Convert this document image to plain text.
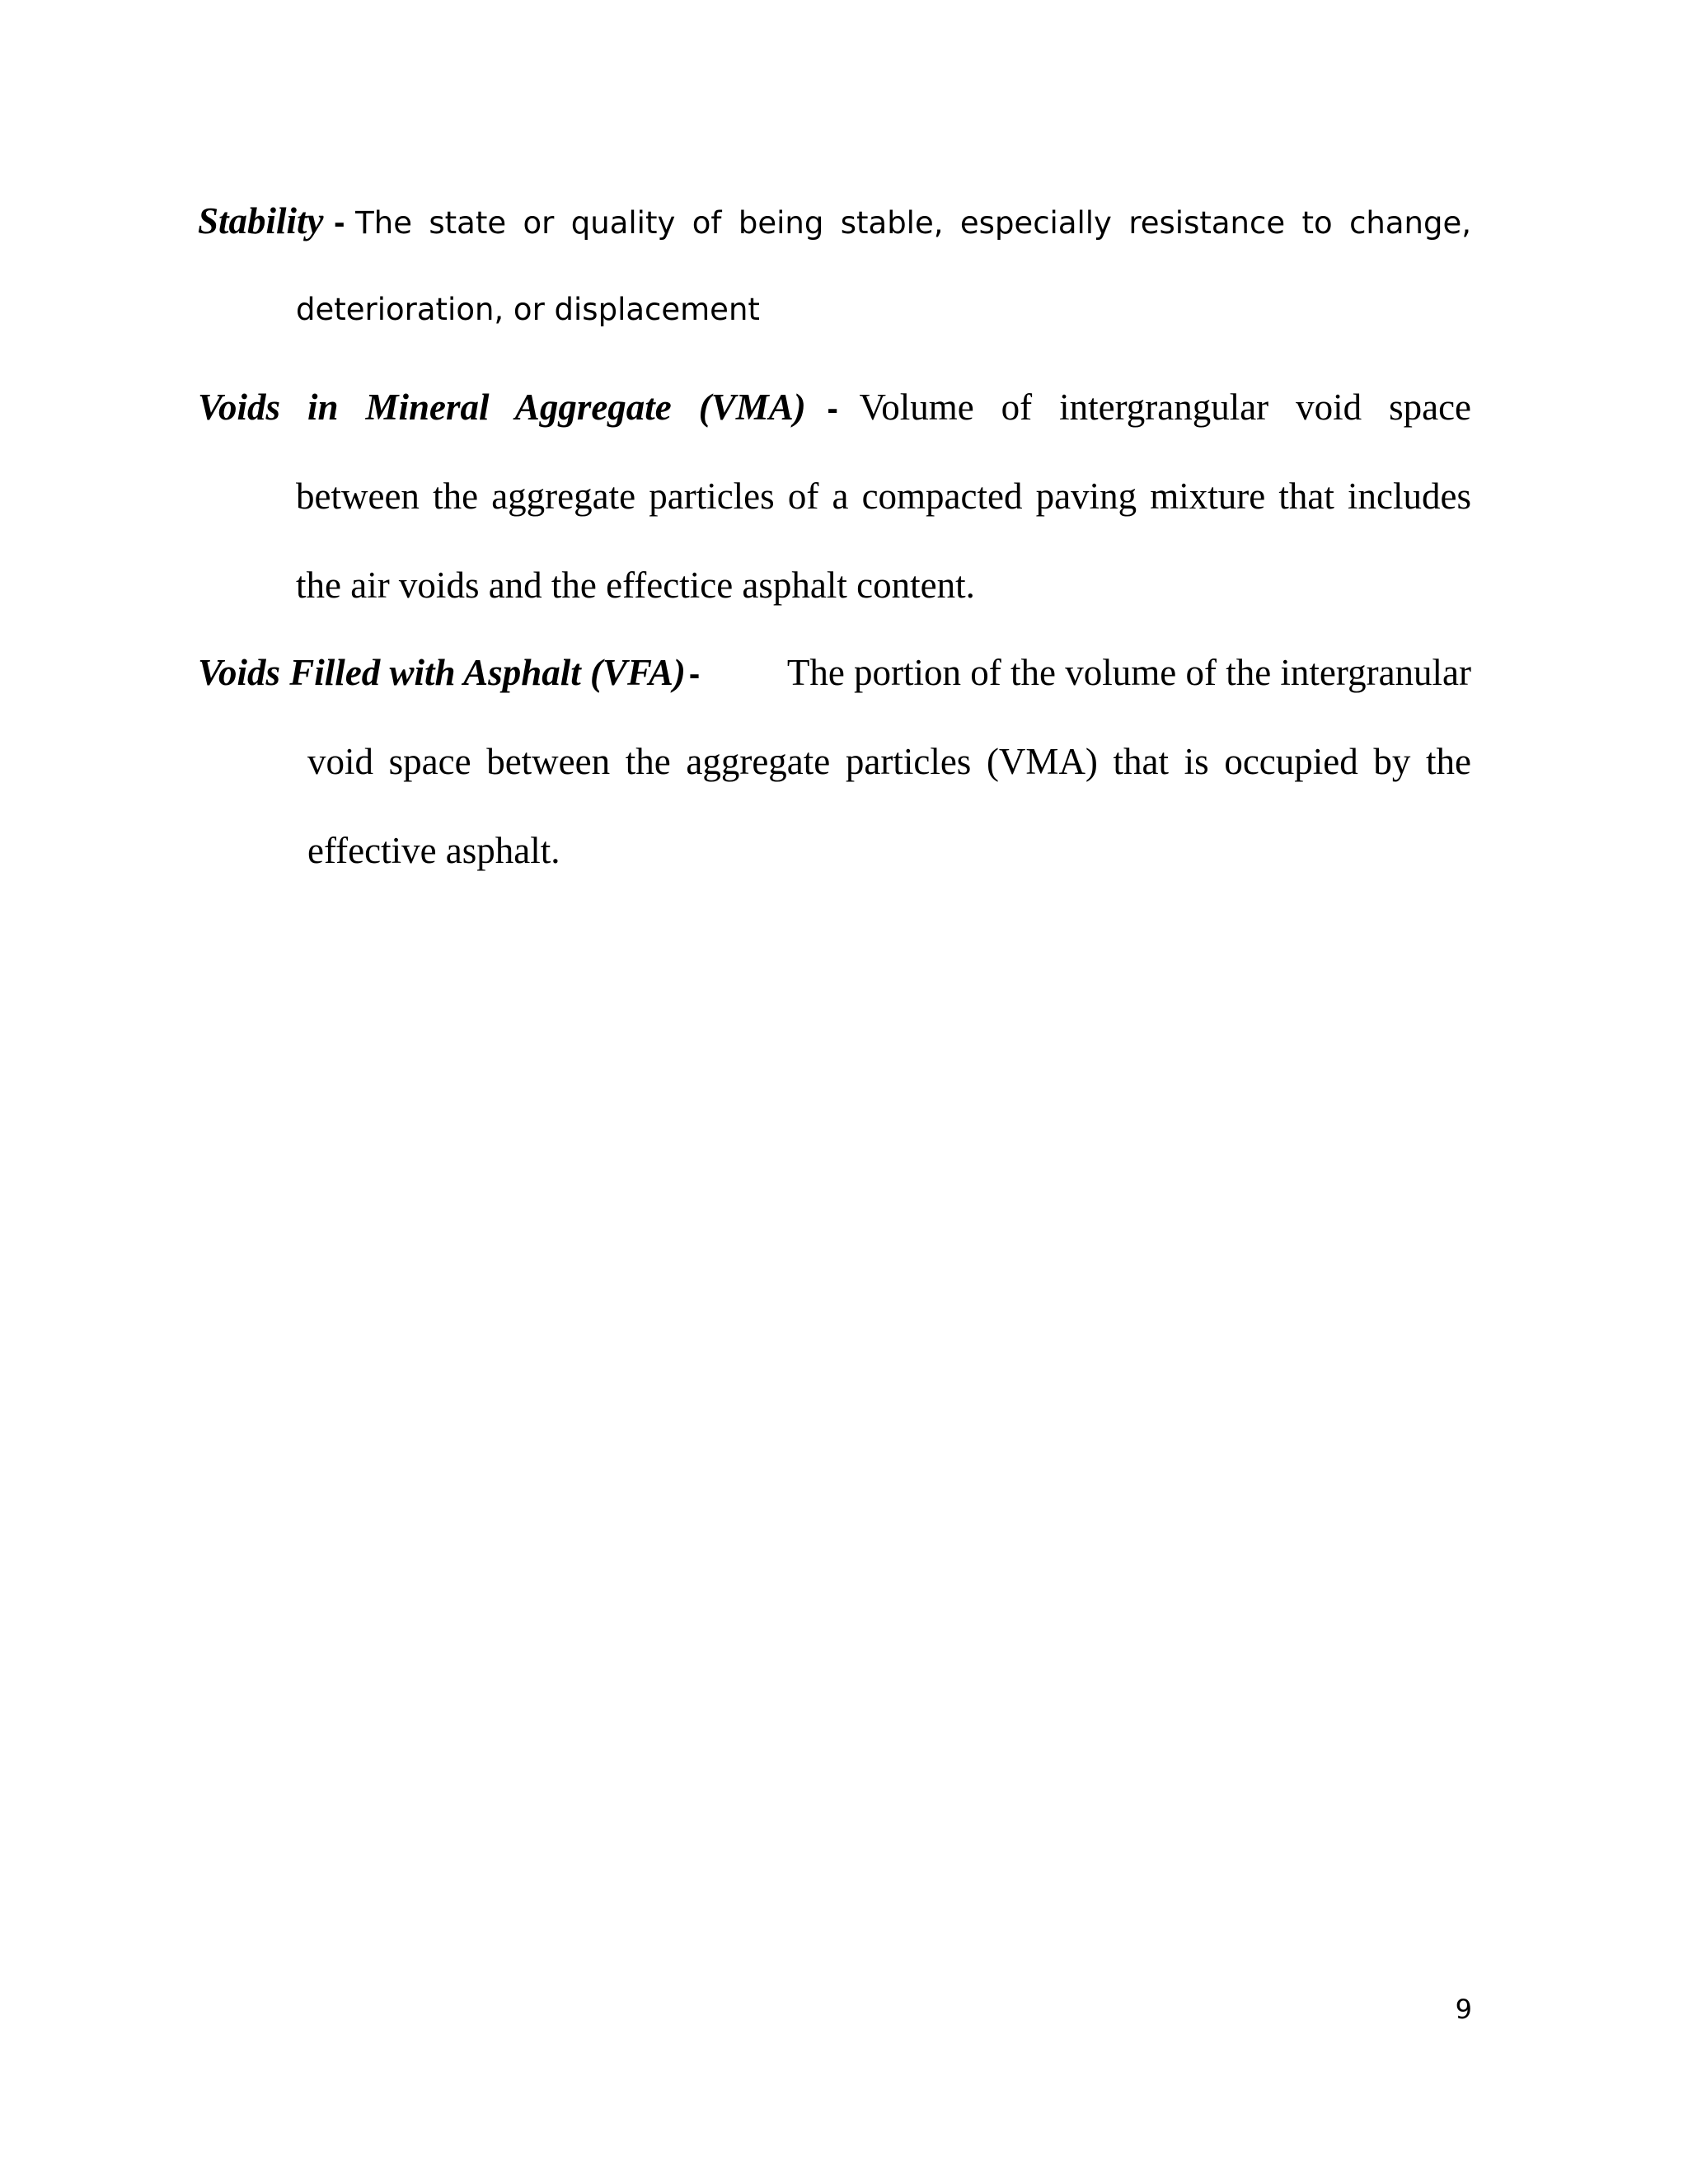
Stability - The state or quality of being stable, especially resistance to change,
deterioration, or displacement
Voids in Mineral Aggregate (VMA) - Volume of intergrangular void space
between the aggregate particles of a compacted paving mixture that includes
the air voids and the effectice asphalt content.
Voids Filled with Asphalt (VFA) - The portion of the volume of the intergranular
void space between the aggregate particles (VMA) that is occupied by the
effective asphalt.
9
